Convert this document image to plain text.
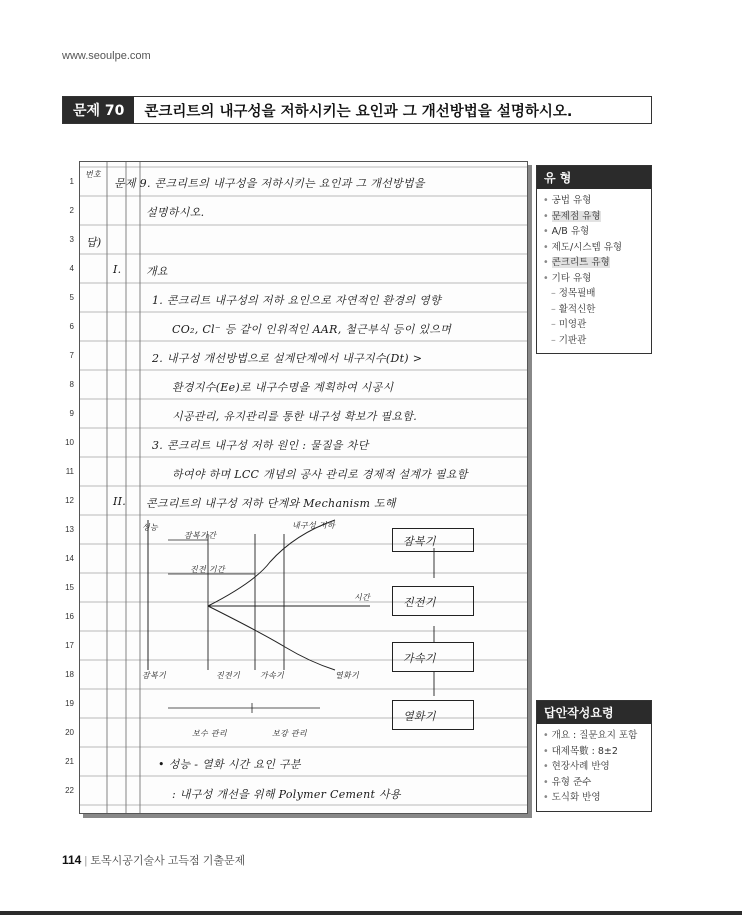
www.seoulpe.com
문제 70	콘크리트의 내구성을 저하시키는 요인과 그 개선방법을 설명하시오.
1
2
3
4
5
6
7
8
9
10
11
12
13
14
15
16
17
18
19
20
21
22
번호
문제 9. 콘크리트의 내구성을 저하시키는 요인과 그 개선방법을
설명하시오.
답)
I. 개요
1. 콘크리트 내구성의 저하 요인으로 자연적인 환경의 영향
CO₂, Cl⁻ 등 같이 인위적인 AAR, 철근부식 등이 있으며
2. 내구성 개선방법으로 설계단계에서 내구지수(Dt) >
환경지수(Ee)로 내구수명을 계획하여 시공시
시공관리, 유지관리를 통한 내구성 확보가 필요함.
3. 콘크리트 내구성 저하 원인 : 물질을 차단
하여야 하며 LCC 개념의 공사 관리로 경제적 설계가 필요함
II. 콘크리트의 내구성 저하 단계와 Mechanism 도해
성능	내구성 저하
잠복기간
진전 기간
시간
잠복기	진전기 가속기	열화기
잠복기
진전기
가속기
열화기
보수 관리	보강 관리
• 성능 - 열화 시간 요인 구분
: 내구성 개선을 위해 Polymer Cement 사용
유 형
• 공법 유형
• 문제점 유형
• A/B 유형
• 제도/시스템 유형
• 콘크리트 유형
• 기타 유형
– 정목필배
– 활적신한
– 미영관
– 기판관
답안작성요령
• 개요 : 질문요지 포함
• 대제목數 : 8±2
• 현장사례 반영
• 유형 준수
• 도식화 반영
114 | 토목시공기술사 고득점 기출문제
